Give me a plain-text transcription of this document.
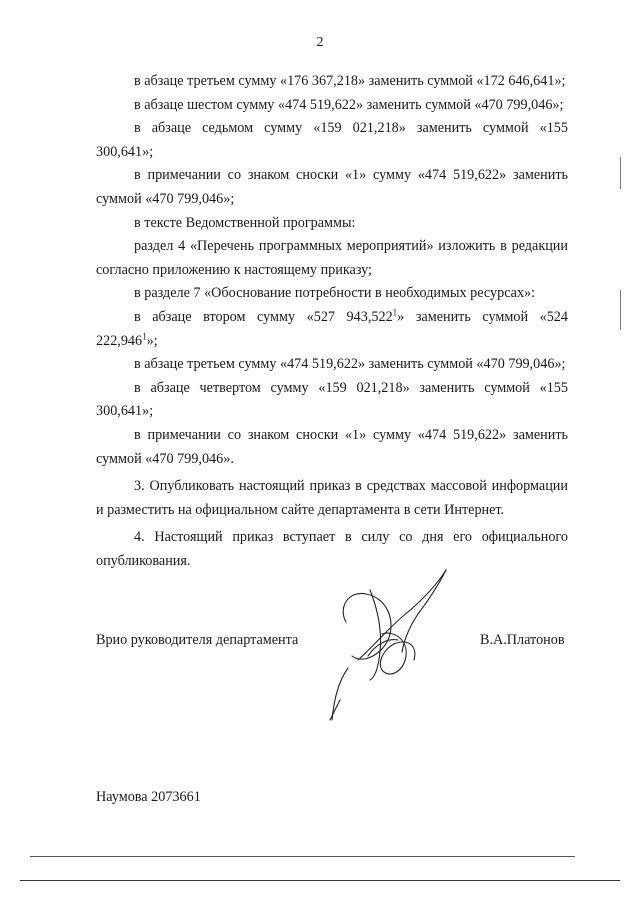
2

в абзаце третьем сумму «176 367,218» заменить суммой «172 646,641»;

в абзаце шестом сумму «474 519,622» заменить суммой «470 799,046»;

в абзаце седьмом сумму «159 021,218» заменить суммой «155 300,641»;

в примечании со знаком сноски «1» сумму «474 519,622» заменить суммой «470 799,046»;

в тексте Ведомственной программы:

раздел 4 «Перечень программных мероприятий» изложить в редакции согласно приложению к настоящему приказу;

в разделе 7 «Обоснование потребности в необходимых ресурсах»:

в абзаце втором сумму «527 943,522$^1$» заменить суммой «524 222,946$^1$»;

в абзаце третьем сумму «474 519,622» заменить суммой «470 799,046»;

в абзаце четвертом сумму «159 021,218» заменить суммой «155 300,641»;

в примечании со знаком сноски «1» сумму «474 519,622» заменить суммой «470 799,046».

3. Опубликовать настоящий приказ в средствах массовой информации и разместить на официальном сайте департамента в сети Интернет.

4. Настоящий приказ вступает в силу со дня его официального опубликования.

Врио руководителя департамента	В.А.Платонов
Наумова 2073661
